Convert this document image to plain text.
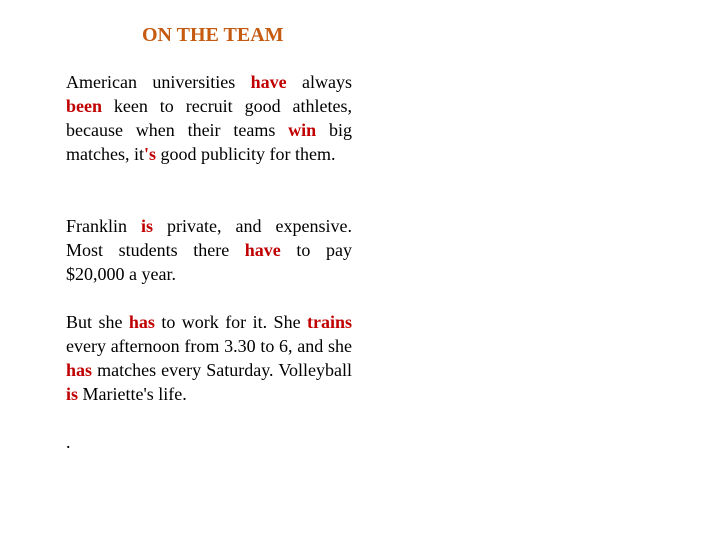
ON THE TEAM
American universities have always been keen to recruit good athletes, because when their teams win big matches, it's good publicity for them.
Franklin is private, and expensive. Most students there have to pay $20,000 a year.
But she has to work for it. She trains every afternoon from 3.30 to 6, and she has matches every Saturday. Volleyball is Mariette's life.
.
